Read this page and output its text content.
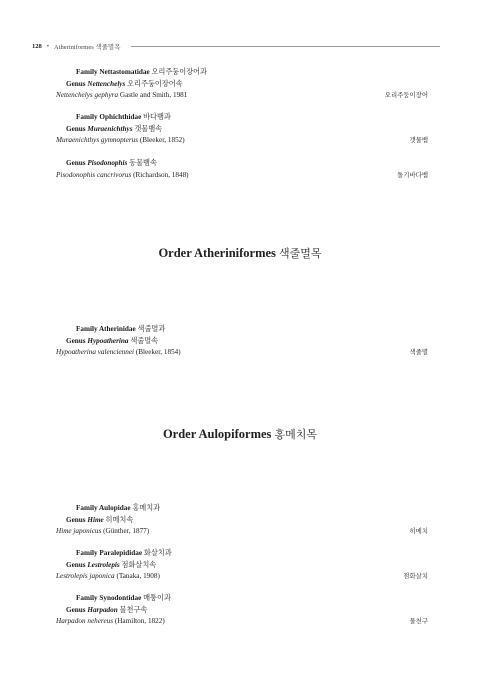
128 • Atheriniformes 색줄멸목
Family Nettastomatidae 오리주둥이장어과
Genus Nettenchelys 오리주둥이장어속
Nettenchelys gephyra Gastle and Smith, 1981	오리주둥이장어
Family Ophichthidae 바다뱀과
Genus Muraenichthys 갯물뱀속
Muraenichthys gymnopterus (Bleeker, 1852)	갯물뱀
Genus Pisodonophis 동물뱀속
Pisodonophis cancrivorus (Richardson, 1848)	돌기바다뱀
Order Atheriniformes 색줄멸목
Family Atherinidae 색줄멸과
Genus Hypoatherina 색줄멸속
Hypoatherina valenciennei (Bleeker, 1854)	색줄멸
Order Aulopiformes 홍메치목
Family Aulopidae 홍메치과
Genus Hime 히메치속
Hime japonicus (Günther, 1877)	히메치
Family Paralepididae 화살치과
Genus Lestrolepis 점화살치속
Lestrolepis japonica (Tanaka, 1908)	점화살치
Family Synodontidae 매퉁이과
Genus Harpadon 물천구속
Harpadon nehereus (Hamilton, 1822)	물천구
